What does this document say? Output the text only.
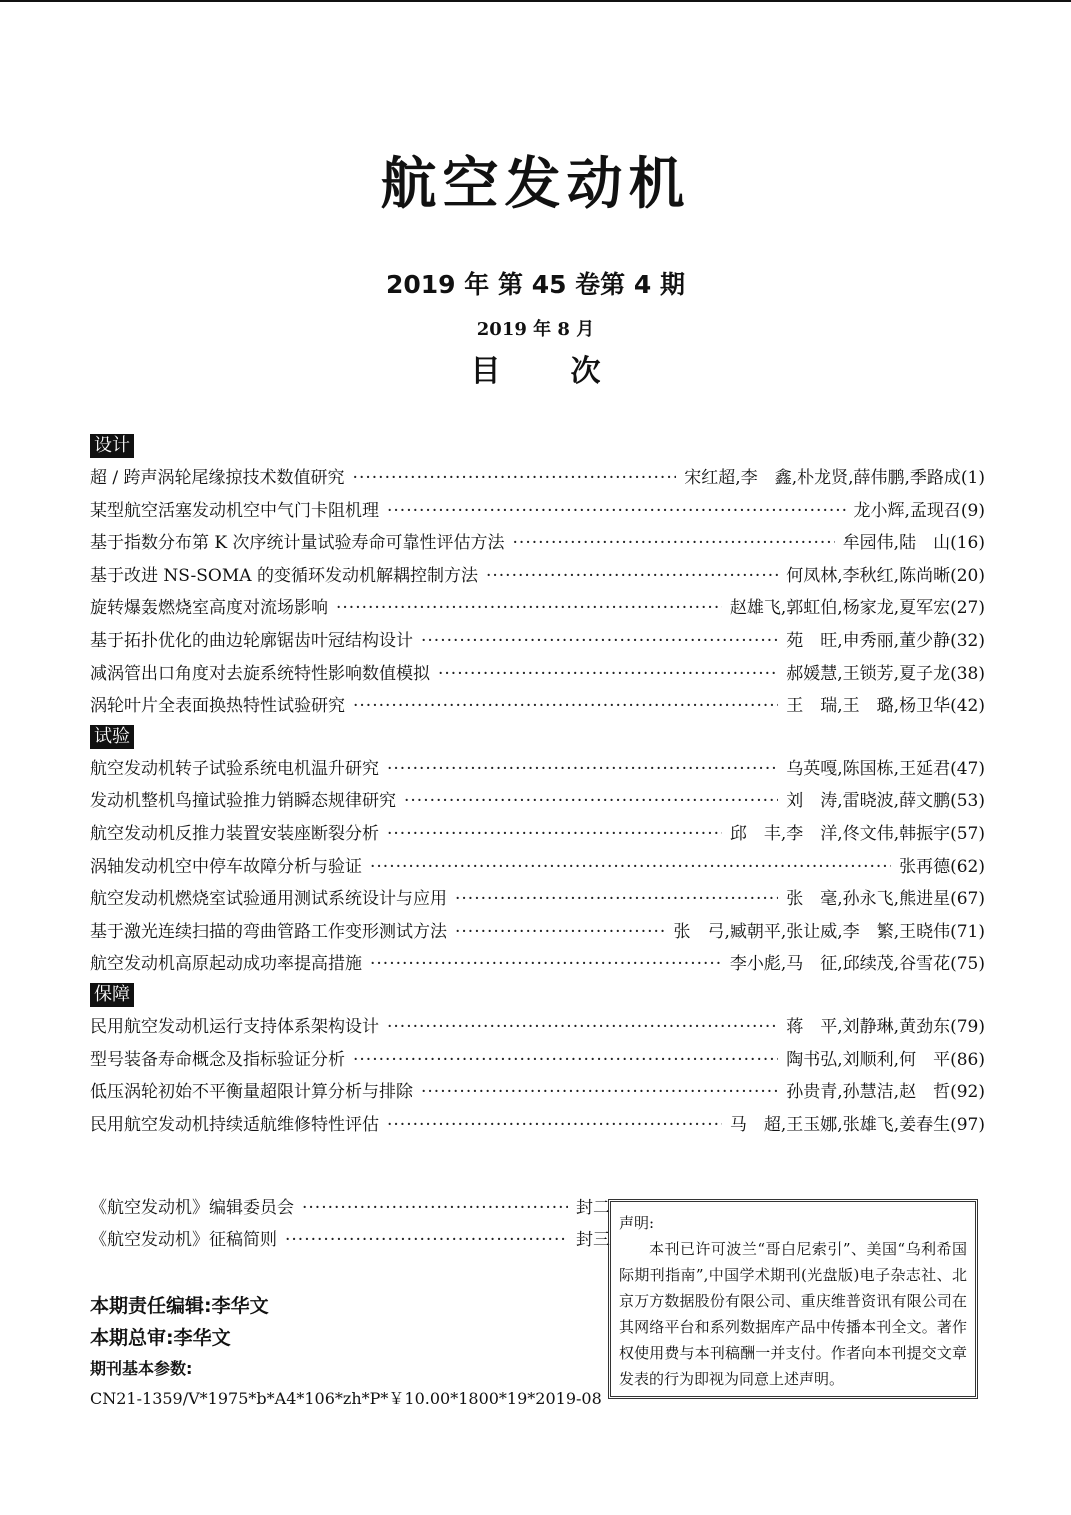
航空发动机
2019 年 第 45 卷第 4 期
2019 年 8 月
目次
设计
超 / 跨声涡轮尾缘掠技术数值研究 ·····	宋红超,李　鑫,朴龙贤,薛伟鹏,季路成(1)
某型航空活塞发动机空中气门卡阻机理 ·····	龙小辉,孟现召(9)
基于指数分布第 K 次序统计量试验寿命可靠性评估方法 ·····	牟园伟,陆　山(16)
基于改进 NS-SOMA 的变循环发动机解耦控制方法 ·····	何凤林,李秋红,陈尚晰(20)
旋转爆轰燃烧室高度对流场影响 ·····	赵雄飞,郭虹伯,杨家龙,夏军宏(27)
基于拓扑优化的曲边轮廓锯齿叶冠结构设计 ·····	苑　旺,申秀丽,董少静(32)
减涡管出口角度对去旋系统特性影响数值模拟 ·····	郝媛慧,王锁芳,夏子龙(38)
涡轮叶片全表面换热特性试验研究 ·····	王　瑞,王　璐,杨卫华(42)
试验
航空发动机转子试验系统电机温升研究 ·····	乌英嘎,陈国栋,王延君(47)
发动机整机鸟撞试验推力销瞬态规律研究 ·····	刘　涛,雷晓波,薛文鹏(53)
航空发动机反推力装置安装座断裂分析 ·····	邱　丰,李　洋,佟文伟,韩振宇(57)
涡轴发动机空中停车故障分析与验证 ·····	张再德(62)
航空发动机燃烧室试验通用测试系统设计与应用 ·····	张　毫,孙永飞,熊进星(67)
基于激光连续扫描的弯曲管路工作变形测试方法 ·····	张　弓,臧朝平,张让威,李　繁,王晓伟(71)
航空发动机高原起动成功率提高措施 ·····	李小彪,马　征,邱续茂,谷雪花(75)
保障
民用航空发动机运行支持体系架构设计 ·····	蒋　平,刘静琳,黄劲东(79)
型号装备寿命概念及指标验证分析 ·····	陶书弘,刘顺利,何　平(86)
低压涡轮初始不平衡量超限计算分析与排除 ·····	孙贵青,孙慧洁,赵　哲(92)
民用航空发动机持续适航维修特性评估 ·····	马　超,王玉娜,张雄飞,姜春生(97)
《航空发动机》编辑委员会 ·····	封二
《航空发动机》征稿简则 ·····	封三
声明:
本刊已许可波兰“哥白尼索引”、美国“乌利希国际期刊指南”,中国学术期刊(光盘版)电子杂志社、北京万方数据股份有限公司、重庆维普资讯有限公司在其网络平台和系列数据库产品中传播本刊全文。著作权使用费与本刊稿酬一并支付。作者向本刊提交文章发表的行为即视为同意上述声明。
本期责任编辑:李华文
本期总审:李华文
期刊基本参数:
CN21-1359/V*1975*b*A4*106*zh*P*￥10.00*1800*19*2019-08
